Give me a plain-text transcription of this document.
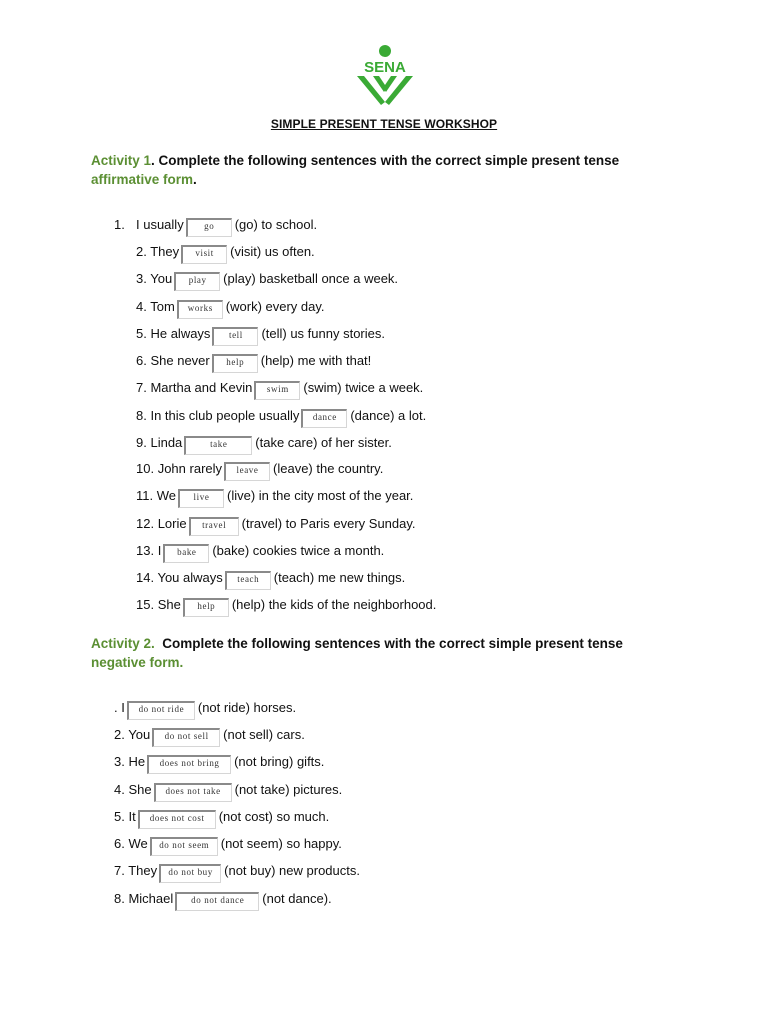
SENA
SIMPLE PRESENT TENSE WORKSHOP
Activity 1. Complete the following sentences with the correct simple present tense
affirmative form.
1. I usually go (go) to school.
2. They visit (visit) us often.
3. You play (play) basketball once a week.
4. Tom works (work) every day.
5. He always tell (tell) us funny stories.
6. She never help (help) me with that!
7. Martha and Kevin swim (swim) twice a week.
8. In this club people usually dance (dance) a lot.
9. Linda	take (take care) of her sister.
10. John rarely leave (leave) the country.
11. We live (live) in the city most of the year.
12. Lorie travel (travel) to Paris every Sunday.
13. I bake (bake) cookies twice a month.
14. You always teach (teach) me new things.
15. She help (help) the kids of the neighborhood.
Activity 2.  Complete the following sentences with the correct simple present tense negative form.
. I do not ride (not ride) horses.
2. You do not sell (not sell) cars.
3. He does not bring (not bring) gifts.
4. She does not take (not take) pictures.
5. It does not cost (not cost) so much.
6. We do not seem (not seem) so happy.
7. They do not buy (not buy) new products.
8. Michael do not dance (not dance).
